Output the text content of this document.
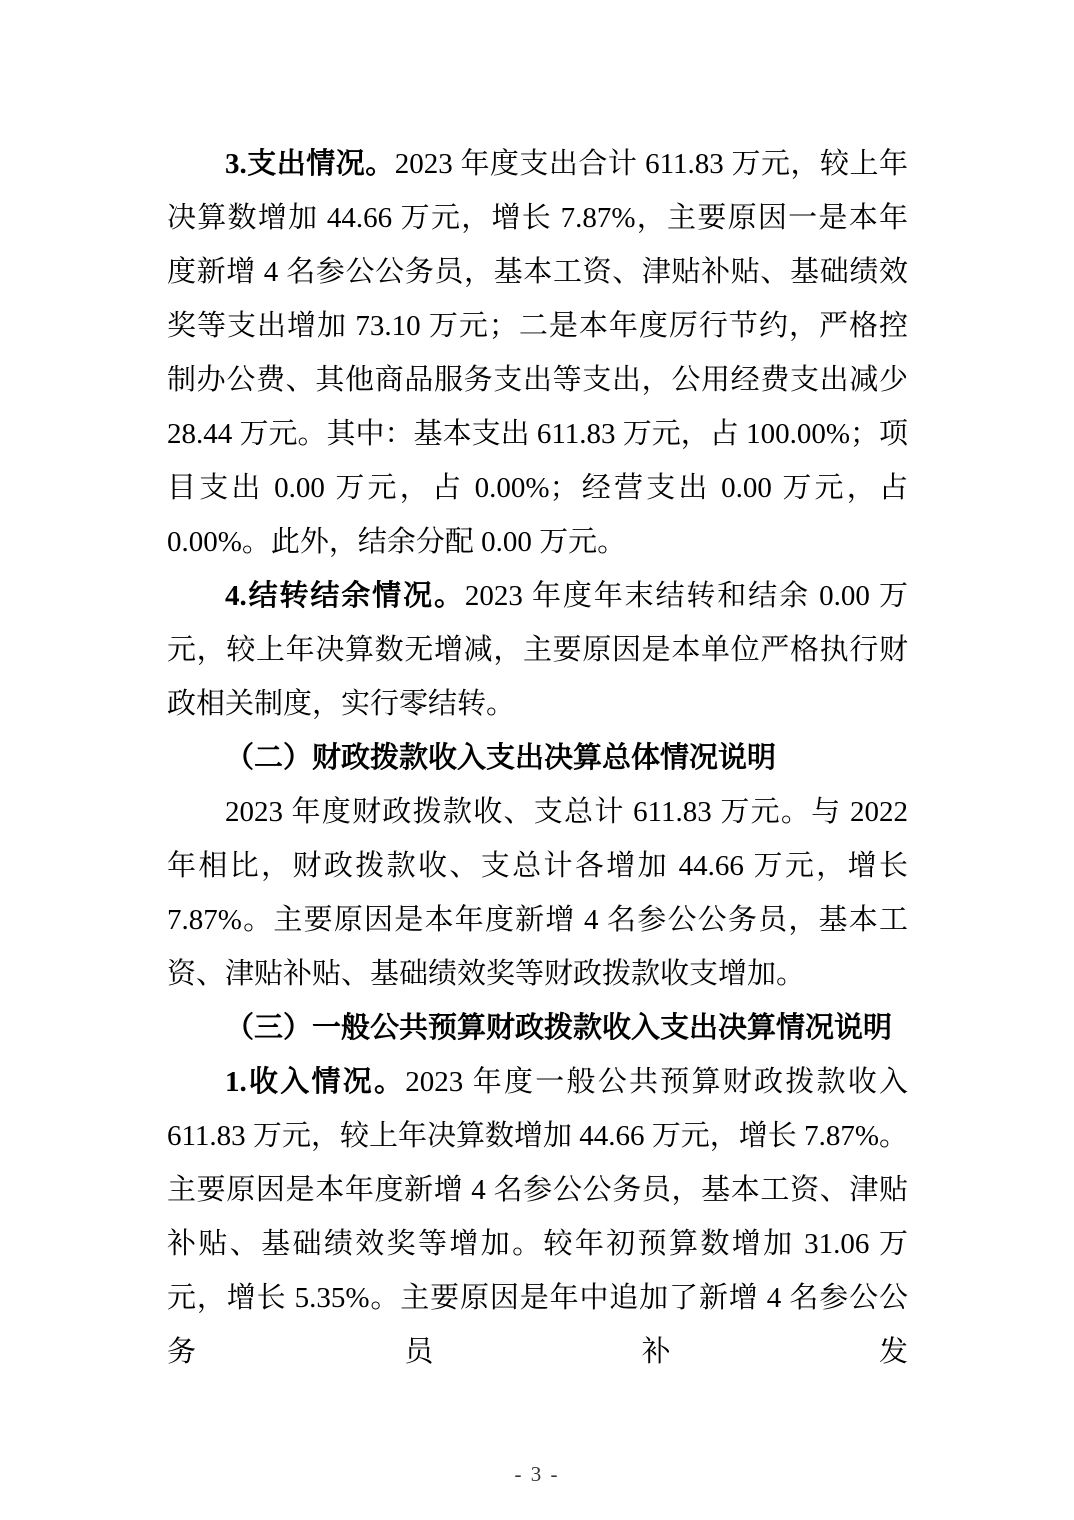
3.支出情况。2023 年度支出合计 611.83 万元，较上年决算数增加 44.66 万元，增长 7.87%，主要原因一是本年度新增 4 名参公公务员，基本工资、津贴补贴、基础绩效奖等支出增加 73.10 万元；二是本年度厉行节约，严格控制办公费、其他商品服务支出等支出，公用经费支出减少 28.44 万元。其中：基本支出 611.83 万元，占 100.00%；项目支出 0.00 万元，占 0.00%；经营支出 0.00 万元，占 0.00%。此外，结余分配 0.00 万元。

4.结转结余情况。2023 年度年末结转和结余 0.00 万元，较上年决算数无增减，主要原因是本单位严格执行财政相关制度，实行零结转。

（二）财政拨款收入支出决算总体情况说明

2023 年度财政拨款收、支总计 611.83 万元。与 2022 年相比，财政拨款收、支总计各增加 44.66 万元，增长 7.87%。主要原因是本年度新增 4 名参公公务员，基本工资、津贴补贴、基础绩效奖等财政拨款收支增加。

（三）一般公共预算财政拨款收入支出决算情况说明

1.收入情况。2023 年度一般公共预算财政拨款收入 611.83 万元，较上年决算数增加 44.66 万元，增长 7.87%。主要原因是本年度新增 4 名参公公务员，基本工资、津贴补贴、基础绩效奖等增加。较年初预算数增加 31.06 万元，增长 5.35%。主要原因是年中追加了新增 4 名参公公务员补发

- 3 -
